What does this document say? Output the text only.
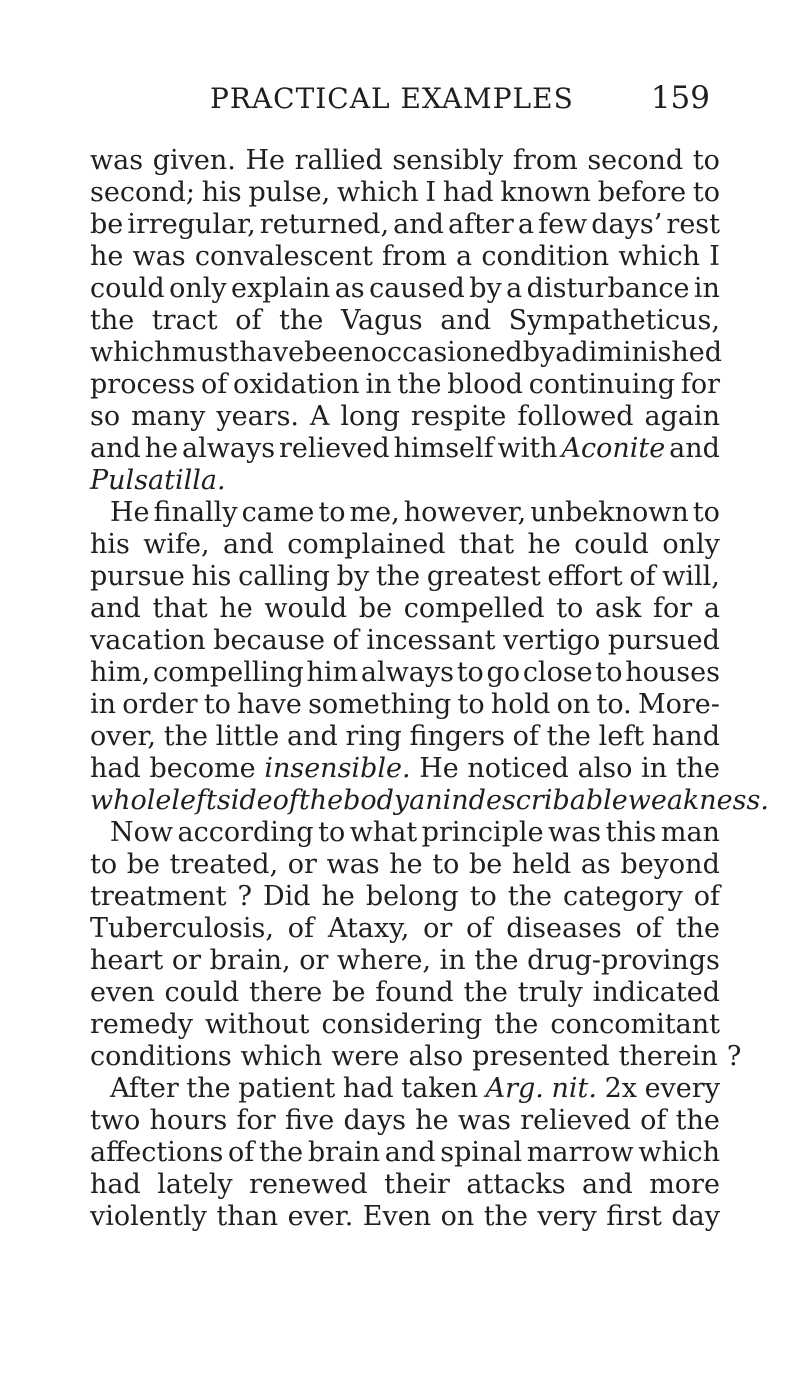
PRACTICAL EXAMPLES 159
was given. He rallied sensibly from second to
second; his pulse, which I had known before to
be irregular, returned, and after a few days’ rest
he was convalescent from a condition which I
could only explain as caused by a disturbance in
the tract of the Vagus and Sympatheticus,
which must have been occasioned by a diminished
process of oxidation in the blood continuing for
so many years. A long respite followed again
and he always relieved himself with Aconite and
Pulsatilla.
He finally came to me, however, unbeknown to
his wife, and complained that he could only
pursue his calling by the greatest effort of will,
and that he would be compelled to ask for a
vacation because of incessant vertigo pursued
him, compelling him always to go close to houses
in order to have something to hold on to. More-
over, the little and ring fingers of the left hand
had become insensible. He noticed also in the
whole left side of the body an indescribable weakness.
Now according to what principle was this man
to be treated, or was he to be held as beyond
treatment ? Did he belong to the category of
Tuberculosis, of Ataxy, or of diseases of the
heart or brain, or where, in the drug-provings
even could there be found the truly indicated
remedy without considering the concomitant
conditions which were also presented therein ?
After the patient had taken Arg. nit. 2x every
two hours for five days he was relieved of the
affections of the brain and spinal marrow which
had lately renewed their attacks and more
violently than ever. Even on the very first day
